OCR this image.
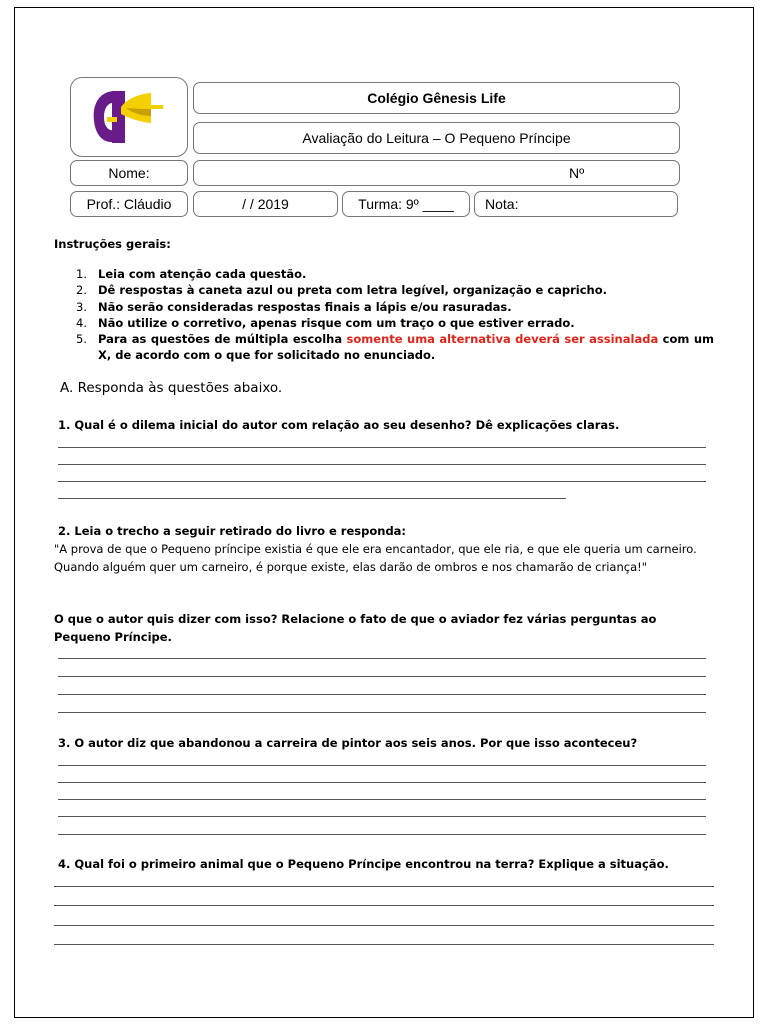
Colégio Gênesis Life
Avaliação do Leitura – O Pequeno Príncipe
Nome:	Nº
Prof.: Cláudio	/ / 2019	Turma: 9º ____	Nota:
Instruções gerais:
1. Leia com atenção cada questão.
2. Dê respostas à caneta azul ou preta com letra legível, organização e capricho.
3. Não serão consideradas respostas finais a lápis e/ou rasuradas.
4. Não utilize o corretivo, apenas risque com um traço o que estiver errado.
5. Para as questões de múltipla escolha somente uma alternativa deverá ser assinalada com um X, de acordo com o que for solicitado no enunciado.
A. Responda às questões abaixo.
1. Qual é o dilema inicial do autor com relação ao seu desenho? Dê explicações claras.
2. Leia o trecho a seguir retirado do livro e responda:
"A prova de que o Pequeno príncipe existia é que ele era encantador, que ele ria, e que ele queria um carneiro. Quando alguém quer um carneiro, é porque existe, elas darão de ombros e nos chamarão de criança!"
O que o autor quis dizer com isso? Relacione o fato de que o aviador fez várias perguntas ao Pequeno Príncipe.
3. O autor diz que abandonou a carreira de pintor aos seis anos. Por que isso aconteceu?
4. Qual foi o primeiro animal que o Pequeno Príncipe encontrou na terra? Explique a situação.
